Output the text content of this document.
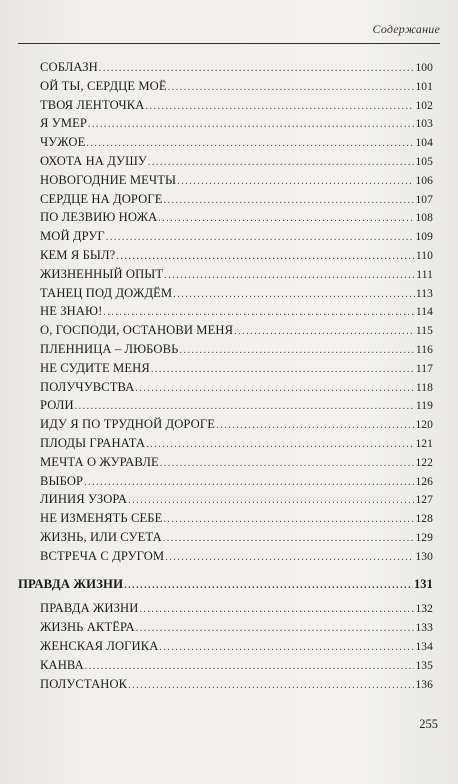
Содержание
СОБЛАЗН .....	100
ОЙ ТЫ, СЕРДЦЕ МОЁ .....	101
ТВОЯ ЛЕНТОЧКА .....	102
Я УМЕР .....	103
ЧУЖОЕ .....	104
ОХОТА НА ДУШУ .....	105
НОВОГОДНИЕ МЕЧТЫ .....	106
СЕРДЦЕ НА ДОРОГЕ .....	107
ПО ЛЕЗВИЮ НОЖА .....	108
МОЙ ДРУГ .....	109
КЕМ Я БЫЛ? .....	110
ЖИЗНЕННЫЙ ОПЫТ .....	111
ТАНЕЦ ПОД ДОЖДЁМ .....	113
НЕ ЗНАЮ! .....	114
О, ГОСПОДИ, ОСТАНОВИ МЕНЯ .....	115
ПЛЕННИЦА – ЛЮБОВЬ .....	116
НЕ СУДИТЕ МЕНЯ .....	117
ПОЛУЧУВСТВА .....	118
РОЛИ .....	119
ИДУ Я ПО ТРУДНОЙ ДОРОГЕ .....	120
ПЛОДЫ ГРАНАТА .....	121
МЕЧТА О ЖУРАВЛЕ .....	122
ВЫБОР .....	126
ЛИНИЯ УЗОРА .....	127
НЕ ИЗМЕНЯТЬ СЕБЕ .....	128
ЖИЗНЬ, ИЛИ СУЕТА .....	129
ВСТРЕЧА С ДРУГОМ .....	130
ПРАВДА ЖИЗНИ .....	131
ПРАВДА ЖИЗНИ .....	132
ЖИЗНЬ АКТЁРА .....	133
ЖЕНСКАЯ ЛОГИКА .....	134
КАНВА .....	135
ПОЛУСТАНОК .....	136
255
